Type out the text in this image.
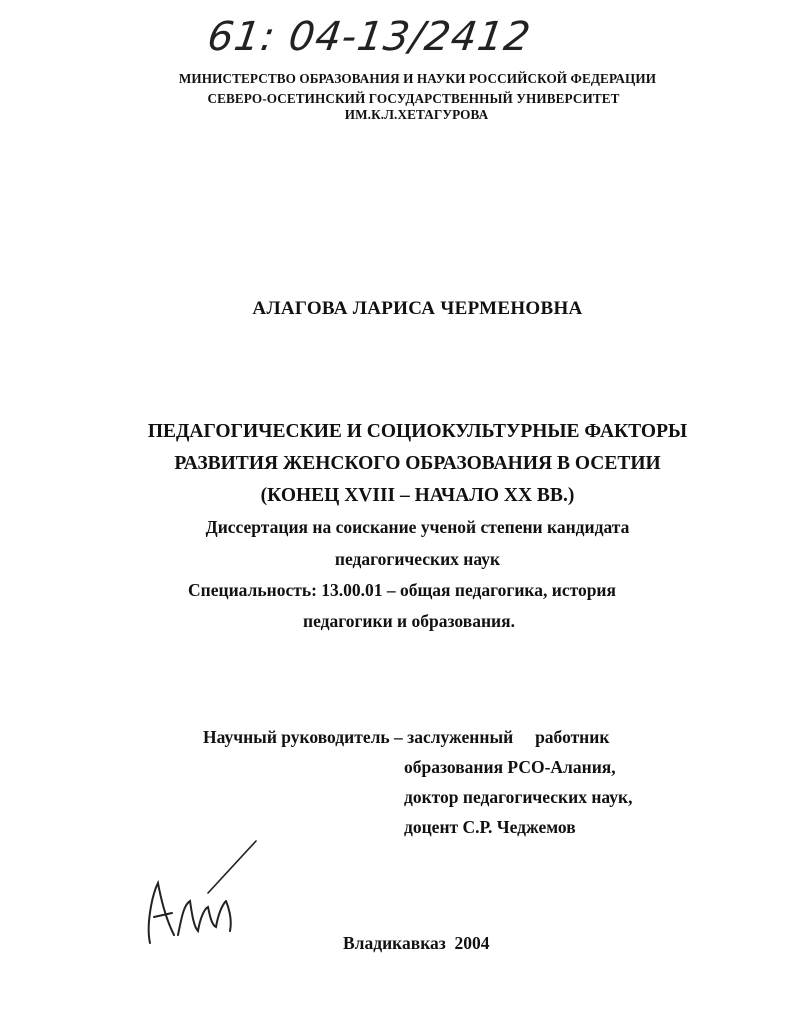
61: 04-13/2412
МИНИСТЕРСТВО ОБРАЗОВАНИЯ И НАУКИ РОССИЙСКОЙ ФЕДЕРАЦИИ
СЕВЕРО-ОСЕТИНСКИЙ ГОСУДАРСТВЕННЫЙ УНИВЕРСИТЕТ
ИМ.К.Л.ХЕТАГУРОВА
АЛАГОВА ЛАРИСА ЧЕРМЕНОВНА
ПЕДАГОГИЧЕСКИЕ И СОЦИОКУЛЬТУРНЫЕ ФАКТОРЫ
РАЗВИТИЯ ЖЕНСКОГО ОБРАЗОВАНИЯ В ОСЕТИИ
(КОНЕЦ XVIII – НАЧАЛО XX ВВ.)
Диссертация на соискание ученой степени кандидата
педагогических наук
Специальность: 13.00.01 – общая педагогика, история
педагогики и образования.
Научный руководитель – заслуженный     работник
образования РСО-Алания,
доктор педагогических наук,
доцент С.Р. Чеджемов
Владикавказ  2004
